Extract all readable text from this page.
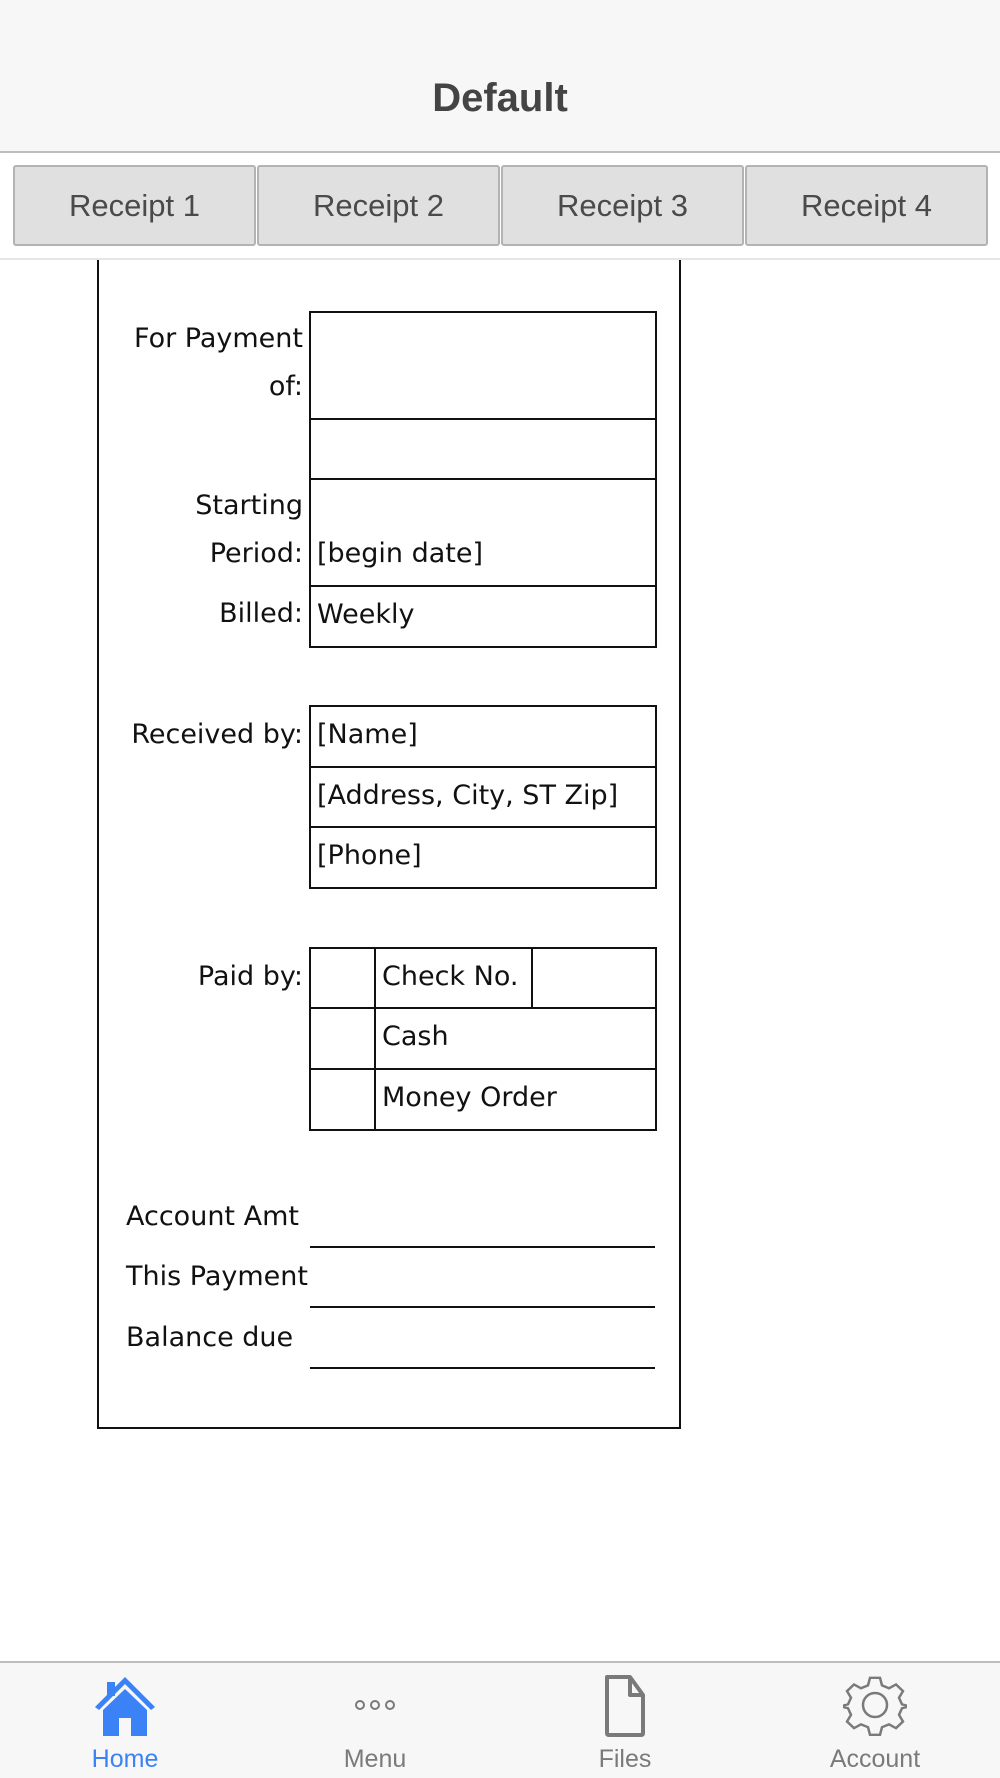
Default
Receipt 1	Receipt 2	Receipt 3	Receipt 4
For Payment
of:
Starting
Period: [begin date]
Billed: Weekly
Received by: [Name]
[Address, City, ST Zip]
[Phone]
Paid by:	Check No.
Cash
Money Order
Account Amt
This Payment
Balance due
Home	Menu	Files	Account
